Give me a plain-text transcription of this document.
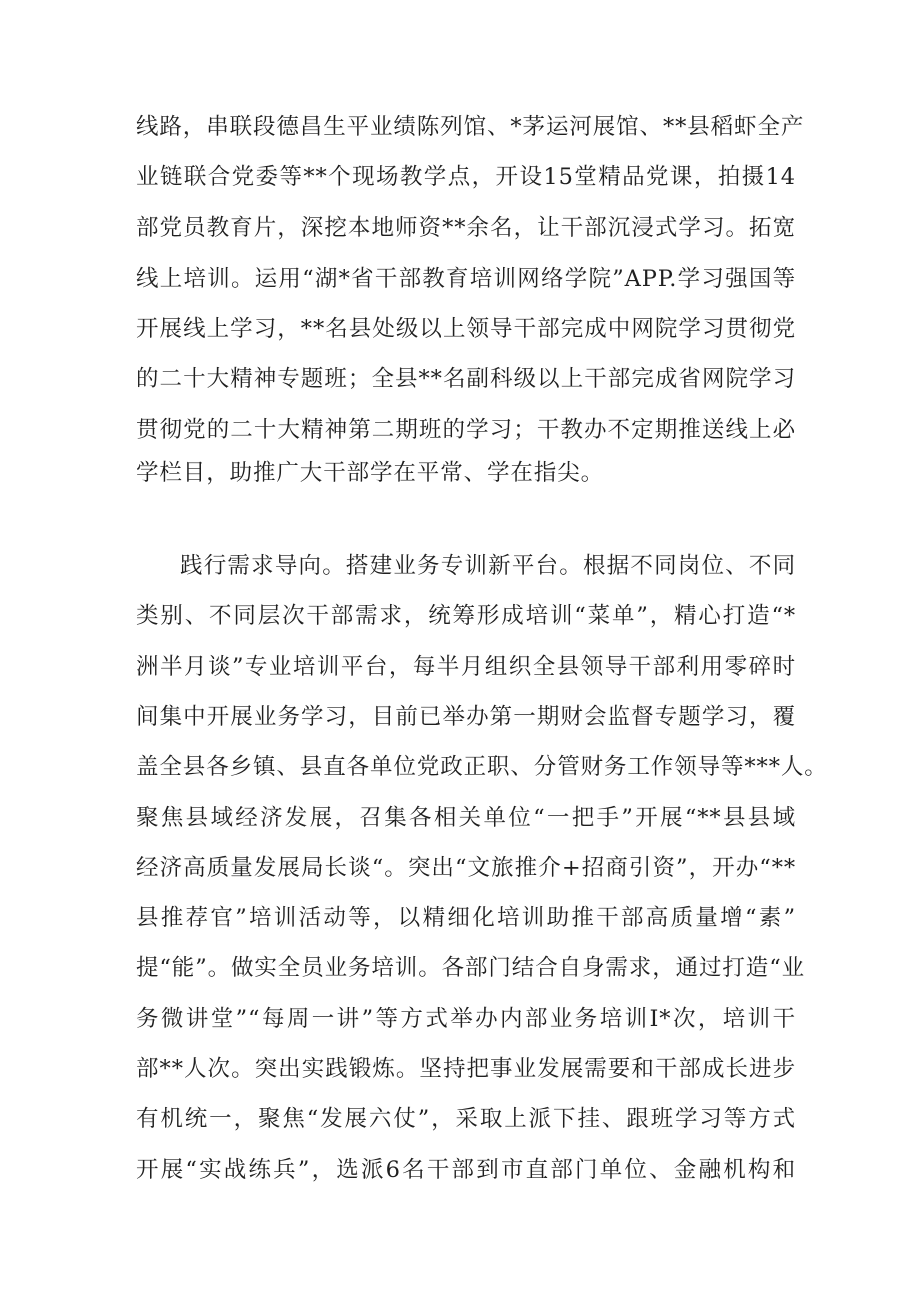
线路，串联段德昌生平业绩陈列馆、*茅运河展馆、**县稻虾全产
业链联合党委等**个现场教学点，开设15堂精品党课，拍摄14
部党员教育片，深挖本地师资**余名，让干部沉浸式学习。拓宽
线上培训。运用“湖*省干部教育培训网络学院”APP.学习强国等
开展线上学习，**名县处级以上领导干部完成中网院学习贯彻党
的二十大精神专题班；全县**名副科级以上干部完成省网院学习
贯彻党的二十大精神第二期班的学习；干教办不定期推送线上必
学栏目，助推广大干部学在平常、学在指尖。
践行需求导向。搭建业务专训新平台。根据不同岗位、不同
类别、不同层次干部需求，统筹形成培训“菜单”，精心打造“*
洲半月谈”专业培训平台，每半月组织全县领导干部利用零碎时
间集中开展业务学习，目前已举办第一期财会监督专题学习，覆
盖全县各乡镇、县直各单位党政正职、分管财务工作领导等***人。
聚焦县域经济发展，召集各相关单位“一把手”开展“**县县域
经济高质量发展局长谈“。突出“文旅推介+招商引资”，开办“**
县推荐官”培训活动等，以精细化培训助推干部高质量增“素”
提“能”。做实全员业务培训。各部门结合自身需求，通过打造“业
务微讲堂”“每周一讲”等方式举办内部业务培训I*次，培训干
部**人次。突出实践锻炼。坚持把事业发展需要和干部成长进步
有机统一，聚焦“发展六仗”，采取上派下挂、跟班学习等方式
开展“实战练兵”，选派6名干部到市直部门单位、金融机构和
